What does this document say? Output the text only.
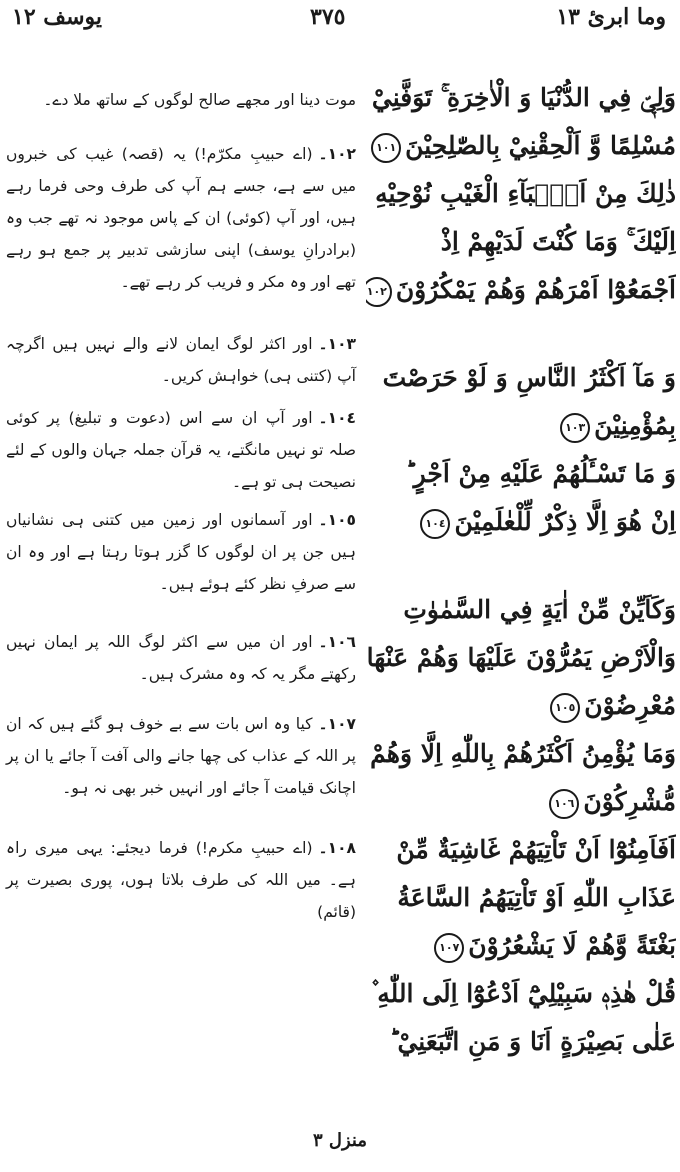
يوسف ١٢	٣٧٥	وما ابرئ ١٣

موت دینا اور مجھے صالح لوگوں کے ساتھ ملا دے۔

١٠٢۔(اے حبیبِ مکرّم!) یہ (قصہ) غیب کی خبروں میں سے ہے، جسے ہم آپ کی طرف وحی فرما رہے ہیں، اور آپ (کوئی) ان کے پاس موجود نہ تھے جب وہ (برادرانِ یوسف) اپنی سازشی تدبیر پر جمع ہو رہے تھے اور وہ مکر و فریب کر رہے تھے۔

١٠٣۔اور اکثر لوگ ایمان لانے والے نہیں ہیں اگرچہ آپ (کتنی ہی) خواہش کریں۔

١٠٤۔اور آپ ان سے اس (دعوت و تبلیغ) پر کوئی صلہ تو نہیں مانگتے، یہ قرآن جملہ جہان والوں کے لئے نصیحت ہی تو ہے۔

١٠٥۔اور آسمانوں اور زمین میں کتنی ہی نشانیاں ہیں جن پر ان لوگوں کا گزر ہوتا رہتا ہے اور وہ ان سے صرفِ نظر کئے ہوئے ہیں۔

١٠٦۔اور ان میں سے اکثر لوگ اللہ پر ایمان نہیں رکھتے مگر یہ کہ وہ مشرک ہیں۔

١٠٧۔کیا وہ اس بات سے بے خوف ہو گئے ہیں کہ ان پر اللہ کے عذاب کی چھا جانے والی آفت آ جائے یا ان پر اچانک قیامت آ جائے اور انہیں خبر بھی نہ ہو۔

١٠٨۔(اے حبیبِ مکرم!) فرما دیجئے: یہی میری راہ ہے۔ میں اللہ کی طرف بلاتا ہوں، پوری بصیرت پر (قائم)

وَلِيّٖ فِي الدُّنْيَا وَ الْاٰخِرَةِ ۚ تَوَفَّنِيْ
مُسْلِمًا وَّ اَلْحِقْنِيْ بِالصّٰلِحِيْنَ١٠١
ذٰلِكَ مِنْ اَنْۢبَآءِ الْغَيْبِ نُوْحِيْهِ
اِلَيْكَ ۚ وَمَا كُنْتَ لَدَيْهِمْ اِذْ
اَجْمَعُوْٓا اَمْرَهُمْ وَهُمْ يَمْكُرُوْنَ١٠٢
وَ مَآ اَكْثَرُ النَّاسِ وَ لَوْ حَرَصْتَ
بِمُؤْمِنِيْنَ١٠٣
وَ مَا تَسْـَٔلُهُمْ عَلَيْهِ مِنْ اَجْرٍ ؕ
اِنْ هُوَ اِلَّا ذِكْرٌ لِّلْعٰلَمِيْنَ١٠٤
وَكَاَيِّنْ مِّنْ اٰيَةٍ فِي السَّمٰوٰتِ
وَالْاَرْضِ يَمُرُّوْنَ عَلَيْهَا وَهُمْ عَنْهَا
مُعْرِضُوْنَ١٠٥
وَمَا يُؤْمِنُ اَكْثَرُهُمْ بِاللّٰهِ اِلَّا وَهُمْ
مُّشْرِكُوْنَ١٠٦
اَفَاَمِنُوْٓا اَنْ تَاْتِيَهُمْ غَاشِيَةٌ مِّنْ
عَذَابِ اللّٰهِ اَوْ تَاْتِيَهُمُ السَّاعَةُ
بَغْتَةً وَّهُمْ لَا يَشْعُرُوْنَ١٠٧
قُلْ هٰذِهٖ سَبِيْلِيْٓ اَدْعُوْٓا اِلَى اللّٰهِ ۫
عَلٰى بَصِيْرَةٍ اَنَا وَ مَنِ اتَّبَعَنِيْ ؕ
منزل ٣
